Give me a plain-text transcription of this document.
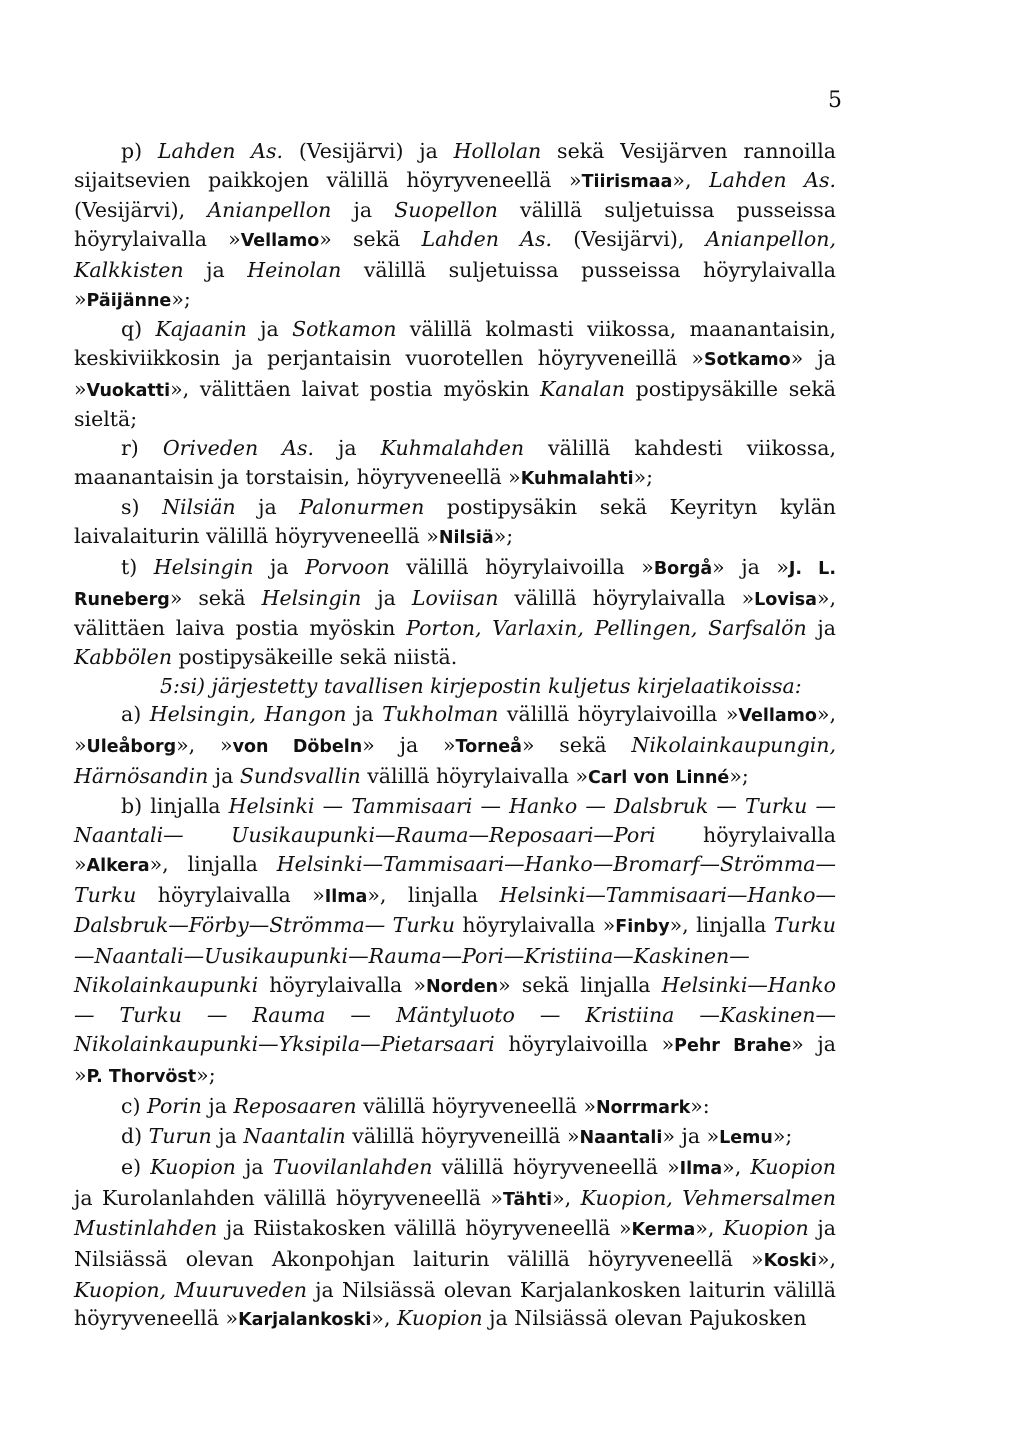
5

p) Lahden As. (Vesijärvi) ja Hollolan sekä Vesijärven rannoilla sijaitsevien paikkojen välillä höyryveneellä »Tiirismaa», Lahden As. (Vesijärvi), Anianpellon ja Suopellon välillä suljetuissa pusseissa höyrylaivalla »Vellamo» sekä Lahden As. (Vesijärvi), Anianpellon, Kalkkisten ja Heinolan välillä suljetuissa pusseissa höyrylaivalla »Päijänne»;

q) Kajaanin ja Sotkamon välillä kolmasti viikossa, maanantaisin, keskiviikkosin ja perjantaisin vuorotellen höyryveneillä »Sotkamo» ja »Vuokatti», välittäen laivat postia myöskin Kanalan postipysäkille sekä sieltä;

r) Oriveden As. ja Kuhmalahden välillä kahdesti viikossa, maanantaisin ja torstaisin, höyryveneellä »Kuhmalahti»;

s) Nilsiän ja Palonurmen postipysäkin sekä Keyrityn kylän laivalaiturin välillä höyryveneellä »Nilsiä»;

t) Helsingin ja Porvoon välillä höyrylaivoilla »Borgå» ja »J. L. Runeberg» sekä Helsingin ja Loviisan välillä höyrylaivalla »Lovisa», välittäen laiva postia myöskin Porton, Varlaxin, Pellingen, Sarfsalön ja Kabbölen postipysäkeille sekä niistä.

5:si) järjestetty tavallisen kirjepostin kuljetus kirjelaatikoissa:

a) Helsingin, Hangon ja Tukholman välillä höyrylaivoilla »Vellamo», »Uleåborg», »von Döbeln» ja »Torneå» sekä Nikolainkaupungin, Härnösandin ja Sundsvallin välillä höyrylaivalla »Carl von Linné»;

b) linjalla Helsinki — Tammisaari — Hanko — Dalsbruk — Turku — Naantali— Uusikaupunki—Rauma—Reposaari—Pori höyrylaivalla »Alkera», linjalla Helsinki—Tammisaari—Hanko—Bromarf—Strömma—Turku höyrylaivalla »Ilma», linjalla Helsinki—Tammisaari—Hanko—Dalsbruk—Förby—Strömma— Turku höyrylaivalla »Finby», linjalla Turku —Naantali—Uusikaupunki—Rauma—Pori—Kristiina—Kaskinen—Nikolainkaupunki höyrylaivalla »Norden» sekä linjalla Helsinki—Hanko — Turku — Rauma — Mäntyluoto — Kristiina —Kaskinen—Nikolainkaupunki—Yksipila—Pietarsaari höyrylaivoilla »Pehr Brahe» ja »P. Thorvöst»;

c) Porin ja Reposaaren välillä höyryveneellä »Norrmark»:

d) Turun ja Naantalin välillä höyryveneillä »Naantali» ja »Lemu»;

e) Kuopion ja Tuovilanlahden välillä höyryveneellä »Ilma», Kuopion ja Kurolanlahden välillä höyryveneellä »Tähti», Kuopion, Vehmersalmen Mustinlahden ja Riistakosken välillä höyryveneellä »Kerma», Kuopion ja Nilsiässä olevan Akonpohjan laiturin välillä höyryveneellä »Koski», Kuopion, Muuruveden ja Nilsiässä olevan Karjalankosken laiturin välillä höyryveneellä »Karjalankoski», Kuopion ja Nilsiässä olevan Pajukosken
